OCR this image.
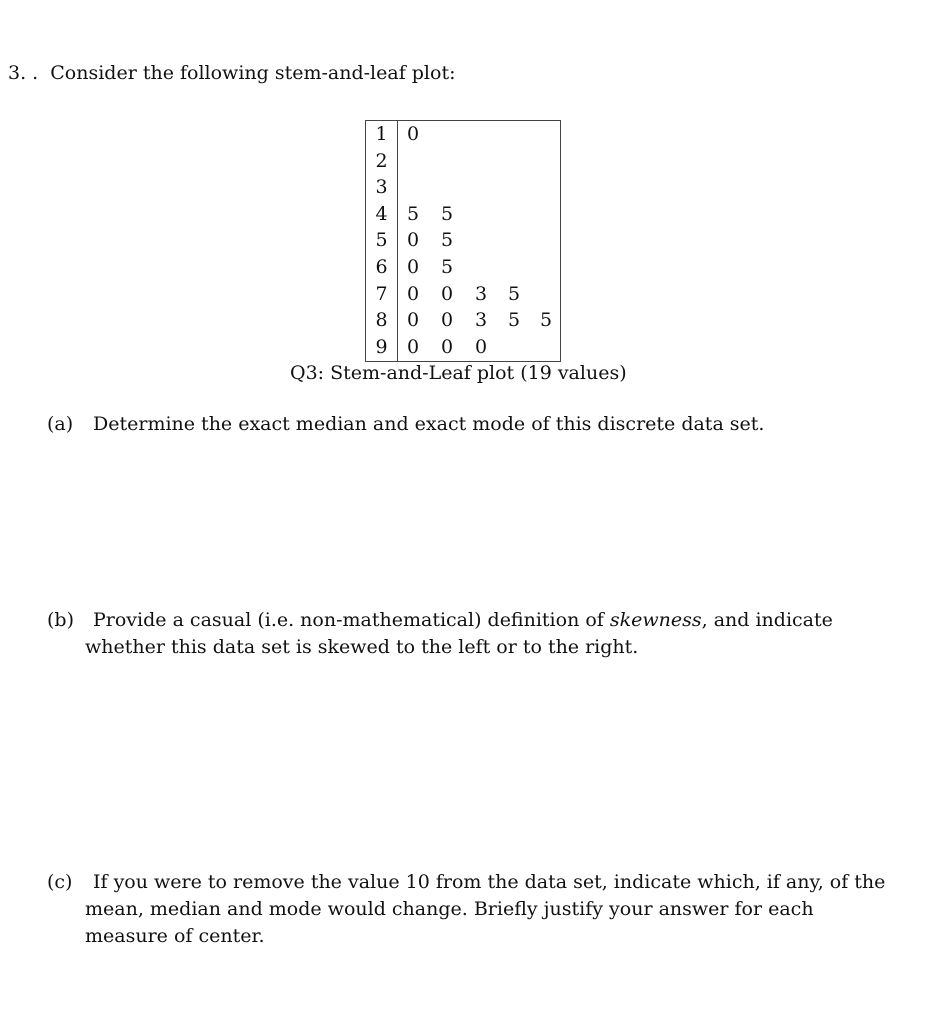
3. . Consider the following stem-and-leaf plot:
1	0
2
3
4	5 5
5	0 5
6	0 5
7	0 0 3 5
8	0 0 3 5 5
9	0 0 0
Q3: Stem-and-Leaf plot (19 values)
(a)	Determine the exact median and exact mode of this discrete data set.
(b)	Provide a casual (i.e. non-mathematical) definition of skewness, and indicate whether this data set is skewed to the left or to the right.
(c)	If you were to remove the value 10 from the data set, indicate which, if any, of the mean, median and mode would change. Briefly justify your answer for each measure of center.
